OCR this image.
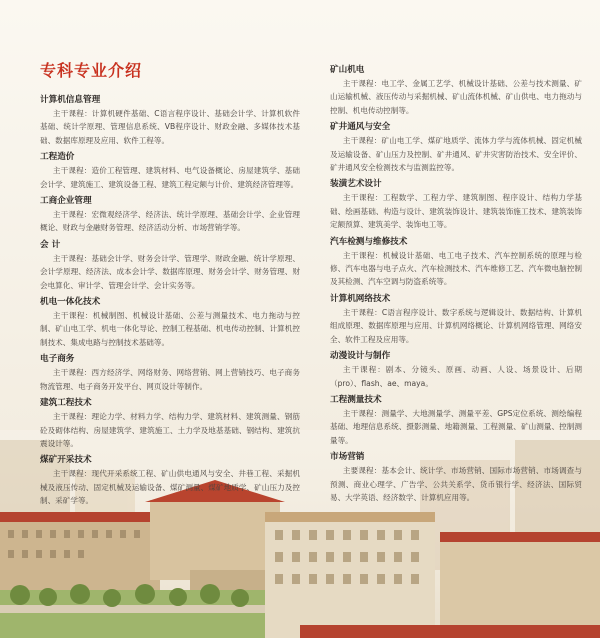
专科专业介绍
计算机信息管理
主干课程：计算机硬件基础、C语言程序设计、基础会计学、计算机软件基础、统计学原理、管理信息系统、VB程序设计、财政金融、多媒体技术基础、数据库原理及应用、软件工程等。
工程造价
主干课程：造价工程管理、建筑材料、电气设备概论、房屋建筑学、基础会计学、建筑施工、建筑设备工程、建筑工程定额与计价、建筑经济管理等。
工商企业管理
主干课程：宏微观经济学、经济法、统计学原理、基础会计学、企业管理概论、财政与金融财务管理、经济活动分析、市场营销学等。
会 计
主干课程：基础会计学、财务会计学、管理学、财政金融、统计学原理、会计学原理、经济法、成本会计学、数据库原理、财务会计学、财务管理、财会电算化、审计学、管理会计学、会计实务等。
机电一体化技术
主干课程：机械制图、机械设计基础、公差与测量技术、电力拖动与控制、矿山电工学、机电一体化导论、控制工程基础、机电传动控制、计算机控制技术、集成电路与控制技术基础等。
电子商务
主干课程：西方经济学、网络财务、网络营销、网上营销技巧、电子商务物流管理、电子商务开发平台、网页设计等制作。
建筑工程技术
主干课程：理论力学、材料力学、结构力学、建筑材料、建筑测量、钢筋砼及砌体结构、房屋建筑学、建筑施工、土力学及地基基础、钢结构、建筑抗震设计等。
煤矿开采技术
主干课程：现代开采系统工程、矿山供电通风与安全、井巷工程、采掘机械及液压传动、固定机械及运输设备、煤矿测量、煤矿地质学、矿山压力及控制、采矿学等。
矿山机电
主干课程：电工学、金属工艺学、机械设计基础、公差与技术测量、矿山运输机械、液压传动与采掘机械、矿山流体机械、矿山供电、电力拖动与控制、机电传动控制等。
矿井通风与安全
主干课程：矿山电工学、煤矿地质学、流体力学与流体机械、固定机械及运输设备、矿山压力及控制、矿井通风、矿井灾害防治技术、安全评价、矿井通风安全检测技术与监测监控等。
装潢艺术设计
主干课程：工程数学、工程力学、建筑制图、程序设计、结构力学基础、绘画基础、构造与设计、建筑装饰设计、建筑装饰施工技术、建筑装饰定额预算、建筑美学、装饰电工等。
汽车检测与维修技术
主干课程：机械设计基础、电工电子技术、汽车控制系统的原理与检修、汽车电器与电子点火、汽车检测技术、汽车维修工艺、汽车微电脑控制及其检测、汽车空调与防盗系统等。
计算机网络技术
主干课程：C语言程序设计、数字系统与逻辑设计、数据结构、计算机组成原理、数据库原理与应用、计算机网络概论、计算机网络管理、网络安全、软件工程及应用等。
动漫设计与制作
主干课程：剧本、分镜头、原画、动画、人设、场景设计、后期（pro）、flash、ae、maya。
工程测量技术
主干课程：测量学、大地测量学、测量平差、GPS定位系统、测绘编程基础、地理信息系统、摄影测量、地籍测量、工程测量、矿山测量、控制测量等。
市场营销
主要课程：基本会计、统计学、市场营销、国际市场营销、市场调查与预测、商业心理学、广告学、公共关系学、货币银行学、经济法、国际贸易、大学英语、经济数学、计算机应用等。
